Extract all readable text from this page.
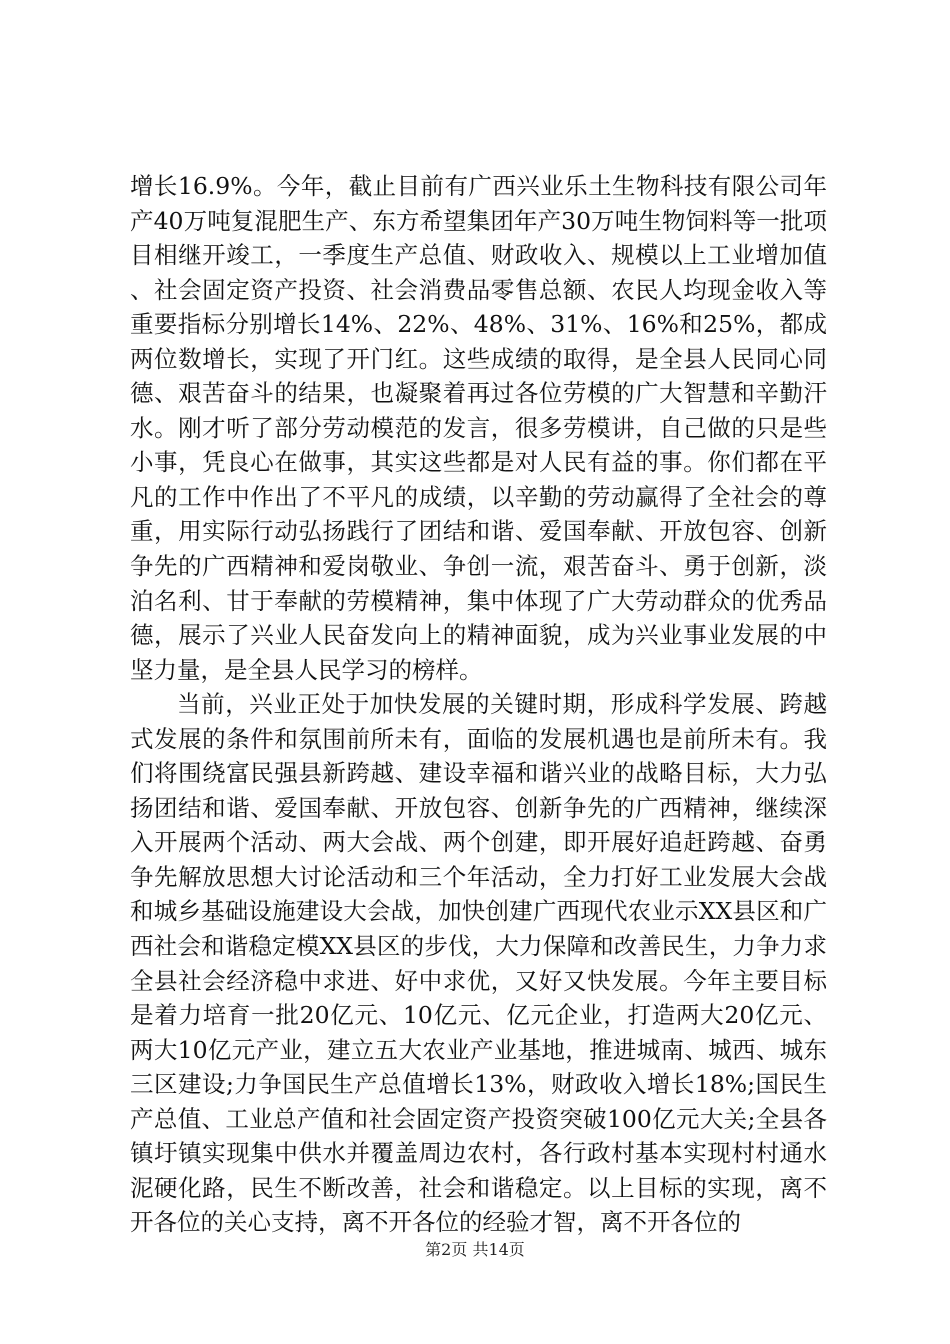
增长16.9%。今年，截止目前有广西兴业乐土生物科技有限公司年产40万吨复混肥生产、东方希望集团年产30万吨生物饲料等一批项目相继开竣工，一季度生产总值、财政收入、规模以上工业增加值、社会固定资产投资、社会消费品零售总额、农民人均现金收入等重要指标分别增长14%、22%、48%、31%、16%和25%，都成两位数增长，实现了开门红。这些成绩的取得，是全县人民同心同德、艰苦奋斗的结果，也凝聚着再过各位劳模的广大智慧和辛勤汗水。刚才听了部分劳动模范的发言，很多劳模讲，自己做的只是些小事，凭良心在做事，其实这些都是对人民有益的事。你们都在平凡的工作中作出了不平凡的成绩，以辛勤的劳动赢得了全社会的尊重，用实际行动弘扬践行了团结和谐、爱国奉献、开放包容、创新争先的广西精神和爱岗敬业、争创一流，艰苦奋斗、勇于创新，淡泊名利、甘于奉献的劳模精神，集中体现了广大劳动群众的优秀品德，展示了兴业人民奋发向上的精神面貌，成为兴业事业发展的中坚力量，是全县人民学习的榜样。

当前，兴业正处于加快发展的关键时期，形成科学发展、跨越式发展的条件和氛围前所未有，面临的发展机遇也是前所未有。我们将围绕富民强县新跨越、建设幸福和谐兴业的战略目标，大力弘扬团结和谐、爱国奉献、开放包容、创新争先的广西精神，继续深入开展两个活动、两大会战、两个创建，即开展好追赶跨越、奋勇争先解放思想大讨论活动和三个年活动，全力打好工业发展大会战和城乡基础设施建设大会战，加快创建广西现代农业示XX县区和广西社会和谐稳定模XX县区的步伐，大力保障和改善民生，力争力求全县社会经济稳中求进、好中求优，又好又快发展。今年主要目标是着力培育一批20亿元、10亿元、亿元企业，打造两大20亿元、两大10亿元产业，建立五大农业产业基地，推进城南、城西、城东三区建设;力争国民生产总值增长13%，财政收入增长18%;国民生产总值、工业总产值和社会固定资产投资突破100亿元大关;全县各镇圩镇实现集中供水并覆盖周边农村，各行政村基本实现村村通水泥硬化路，民生不断改善，社会和谐稳定。以上目标的实现，离不开各位的关心支持，离不开各位的经验才智，离不开各位的

第2页 共14页
